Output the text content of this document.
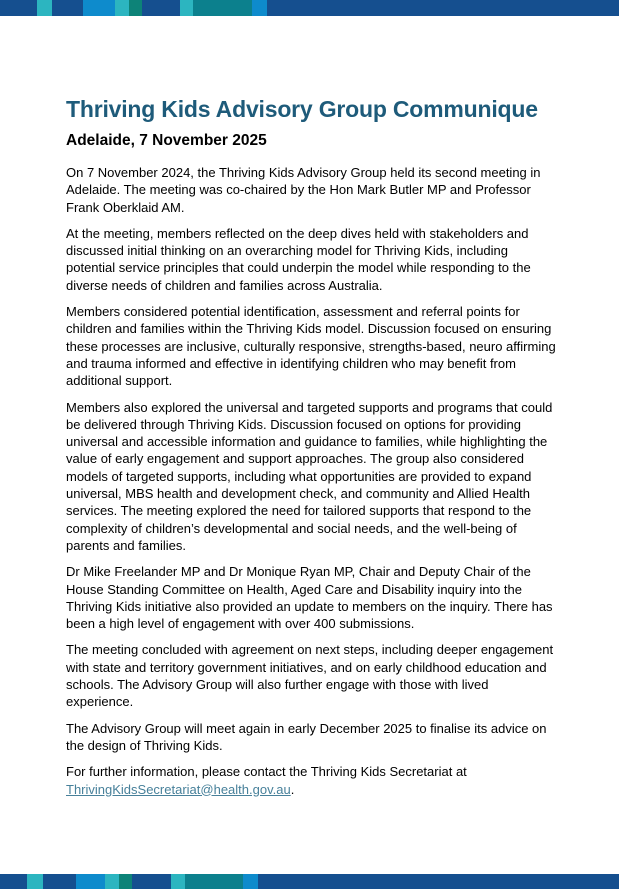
Thriving Kids Advisory Group Communique
Adelaide, 7 November 2025

On 7 November 2024, the Thriving Kids Advisory Group held its second meeting in Adelaide. The meeting was co-chaired by the Hon Mark Butler MP and Professor Frank Oberklaid AM.

At the meeting, members reflected on the deep dives held with stakeholders and discussed initial thinking on an overarching model for Thriving Kids, including potential service principles that could underpin the model while responding to the diverse needs of children and families across Australia.

Members considered potential identification, assessment and referral points for children and families within the Thriving Kids model. Discussion focused on ensuring these processes are inclusive, culturally responsive, strengths-based, neuro affirming and trauma informed and effective in identifying children who may benefit from additional support.

Members also explored the universal and targeted supports and programs that could be delivered through Thriving Kids. Discussion focused on options for providing universal and accessible information and guidance to families, while highlighting the value of early engagement and support approaches. The group also considered models of targeted supports, including what opportunities are provided to expand universal, MBS health and development check, and community and Allied Health services. The meeting explored the need for tailored supports that respond to the complexity of children’s developmental and social needs, and the well-being of parents and families.

Dr Mike Freelander MP and Dr Monique Ryan MP, Chair and Deputy Chair of the House Standing Committee on Health, Aged Care and Disability inquiry into the Thriving Kids initiative also provided an update to members on the inquiry. There has been a high level of engagement with over 400 submissions.

The meeting concluded with agreement on next steps, including deeper engagement with state and territory government initiatives, and on early childhood education and schools. The Advisory Group will also further engage with those with lived experience.

The Advisory Group will meet again in early December 2025 to finalise its advice on the design of Thriving Kids.

For further information, please contact the Thriving Kids Secretariat at ThrivingKidsSecretariat@health.gov.au.
